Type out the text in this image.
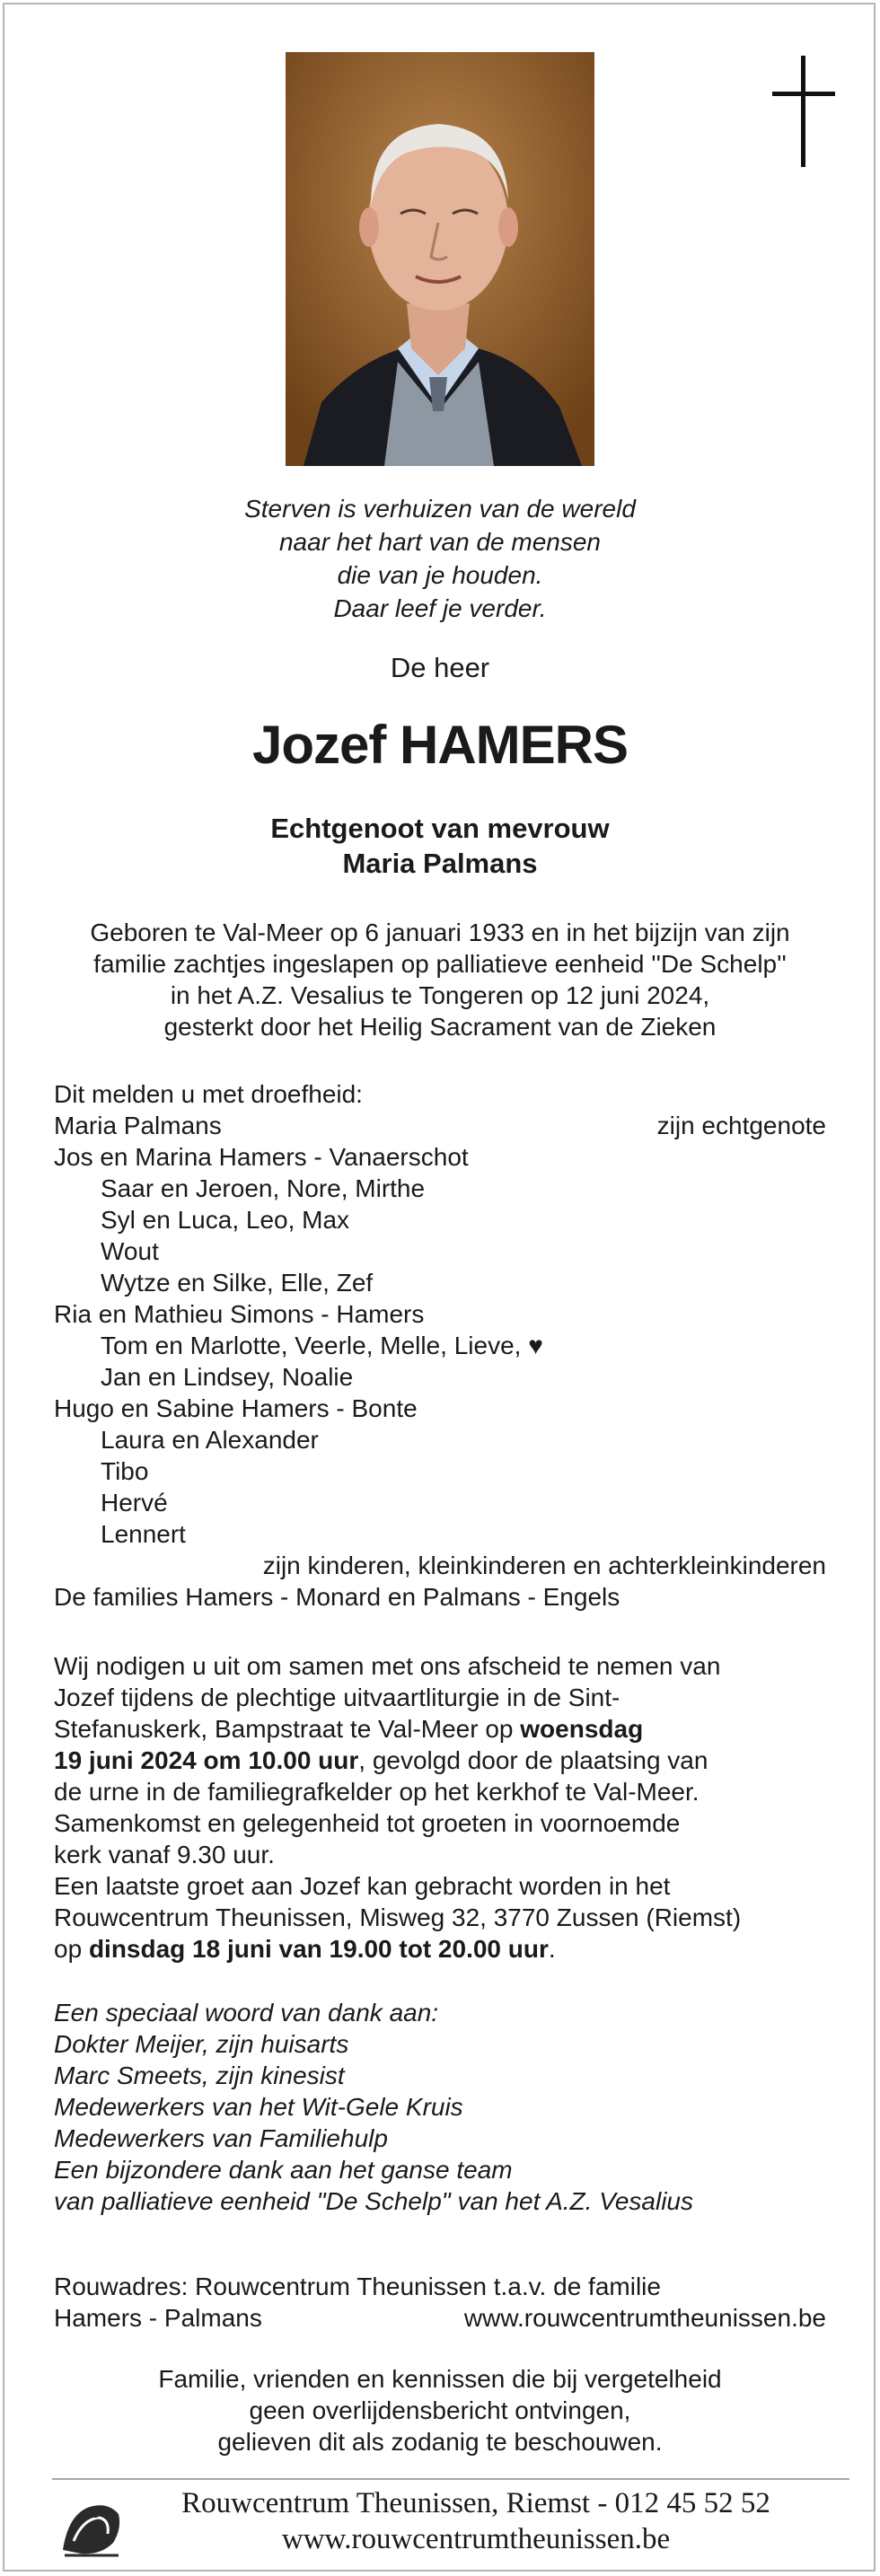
Sterven is verhuizen van de wereld
naar het hart van de mensen
die van je houden.
Daar leef je verder.
De heer
Jozef HAMERS
Echtgenoot van mevrouw
Maria Palmans
Geboren te Val-Meer op 6 januari 1933 en in het bijzijn van zijn
familie zachtjes ingeslapen op palliatieve eenheid ''De Schelp''
in het A.Z. Vesalius te Tongeren op 12 juni 2024,
gesterkt door het Heilig Sacrament van de Zieken
Dit melden u met droefheid:
Maria Palmans	zijn echtgenote
Jos en Marina Hamers - Vanaerschot
Saar en Jeroen, Nore, Mirthe
Syl en Luca, Leo, Max
Wout
Wytze en Silke, Elle, Zef
Ria en Mathieu Simons - Hamers
Tom en Marlotte, Veerle, Melle, Lieve, ♥
Jan en Lindsey, Noalie
Hugo en Sabine Hamers - Bonte
Laura en Alexander
Tibo
Hervé
Lennert
zijn kinderen, kleinkinderen en achterkleinkinderen
De families Hamers - Monard en Palmans - Engels
Wij nodigen u uit om samen met ons afscheid te nemen van
Jozef tijdens de plechtige uitvaartliturgie in de Sint-
Stefanuskerk, Bampstraat te Val-Meer op woensdag
19 juni 2024 om 10.00 uur, gevolgd door de plaatsing van
de urne in de familiegrafkelder op het kerkhof te Val-Meer.
Samenkomst en gelegenheid tot groeten in voornoemde
kerk vanaf 9.30 uur.
Een laatste groet aan Jozef kan gebracht worden in het
Rouwcentrum Theunissen, Misweg 32, 3770 Zussen (Riemst)
op dinsdag 18 juni van 19.00 tot 20.00 uur.
Een speciaal woord van dank aan:
Dokter Meijer, zijn huisarts
Marc Smeets, zijn kinesist
Medewerkers van het Wit-Gele Kruis
Medewerkers van Familiehulp
Een bijzondere dank aan het ganse team
van palliatieve eenheid "De Schelp" van het A.Z. Vesalius
Rouwadres: Rouwcentrum Theunissen t.a.v. de familie
Hamers - Palmans	www.rouwcentrumtheunissen.be
Familie, vrienden en kennissen die bij vergetelheid
geen overlijdensbericht ontvingen,
gelieven dit als zodanig te beschouwen.
Rouwcentrum Theunissen, Riemst - 012 45 52 52
www.rouwcentrumtheunissen.be
